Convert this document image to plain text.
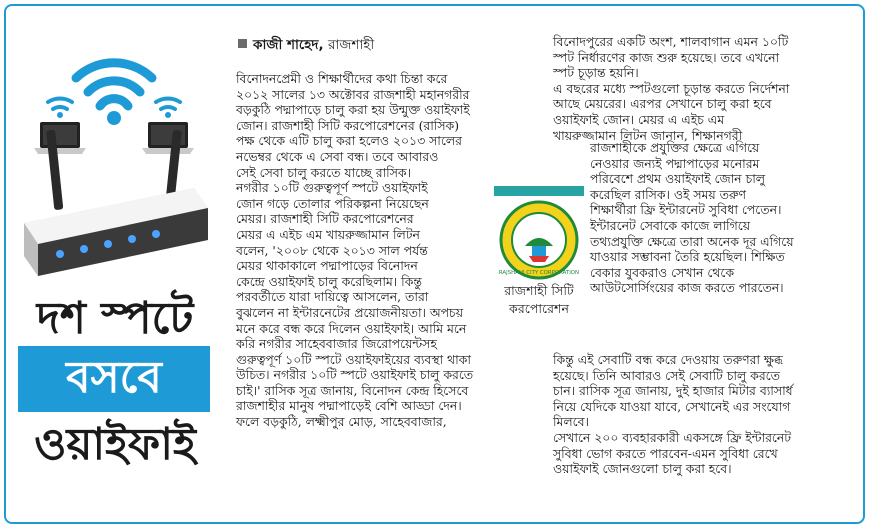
দশ স্পটে
বসবে
ওয়াইফাই
কাজী শাহেদ, রাজশাহী
বিনোদনপ্রেমী ও শিক্ষার্থীদের কথা চিন্তা করে
২০১২ সালের ১৩ অক্টোবর রাজশাহী মহানগরীর
বড়কুঠি পদ্মাপাড়ে চালু করা হয় উন্মুক্ত ওয়াইফাই
জোন। রাজশাহী সিটি করপোরেশনের (রাসিক)
পক্ষ থেকে এটি চালু করা হলেও ২০১৩ সালের
নভেম্বর থেকে এ সেবা বন্ধ। তবে আবারও
সেই সেবা চালু করতে যাচ্ছে রাসিক।
নগরীর ১০টি গুরুত্বপূর্ণ স্পটে ওয়াইফাই
জোন গড়ে তোলার পরিকল্পনা নিয়েছেন
মেয়র। রাজশাহী সিটি করপোরেশনের
মেয়র এ এইচ এম খায়রুজ্জামান লিটন
বলেন, '২০০৮ থেকে ২০১৩ সাল পর্যন্ত
মেয়র থাকাকালে পদ্মাপাড়ের বিনোদন
কেন্দ্রে ওয়াইফাই চালু করেছিলাম। কিন্তু
পরবর্তীতে যারা দায়িত্বে আসলেন, তারা
বুঝলেন না ইন্টারনেটের প্রয়োজনীয়তা। অপচয়
মনে করে বন্ধ করে দিলেন ওয়াইফাই। আমি মনে
করি নগরীর সাহেববাজার জিরোপয়েন্টসহ
গুরুত্বপূর্ণ ১০টি স্পটে ওয়াইফাইয়ের ব্যবস্থা থাকা
উচিত। নগরীর ১০টি স্পটে ওয়াইফাই চালু করতে
চাই।' রাসিক সূত্র জানায়, বিনোদন কেন্দ্র হিসেবে
রাজশাহীর মানুষ পদ্মাপাড়েই বেশি আড্ডা দেন।
ফলে বড়কুঠি, লক্ষ্মীপুর মোড়, সাহেববাজার,
বিনোদপুরের একটি অংশ, শালবাগান এমন ১০টি
স্পট নির্ধারণের কাজ শুরু হয়েছে। তবে এখনো
স্পট চূড়ান্ত হয়নি।
এ বছরের মধ্যে স্পটগুলো চূড়ান্ত করতে নির্দেশনা
আছে মেয়রের। এরপর সেখানে চালু করা হবে
ওয়াইফাই জোন। মেয়র এ এইচ এম
খায়রুজ্জামান লিটন জানান, শিক্ষানগরী
রাজশাহীকে প্রযুক্তির ক্ষেত্রে এগিয়ে
নেওয়ার জন্যই পদ্মাপাড়ের মনোরম
পরিবেশে প্রথম ওয়াইফাই জোন চালু
করেছিল রাসিক। ওই সময় তরুণ
শিক্ষার্থীরা ফ্রি ইন্টারনেট সুবিধা পেতেন।
ইন্টারনেট সেবাকে কাজে লাগিয়ে
তথ্যপ্রযুক্তি ক্ষেত্রে তারা অনেক দূর এগিয়ে
যাওয়ার সম্ভাবনা তৈরি হয়েছিল। শিক্ষিত
বেকার যুবকরাও সেখান থেকে
আউটসোর্সিংয়ের কাজ করতে পারতেন।
কিন্তু এই সেবাটি বন্ধ করে দেওয়ায় তরুণরা ক্ষুব্ধ
হয়েছে। তিনি আবারও সেই সেবাটি চালু করতে
চান। রাসিক সূত্র জানায়, দুই হাজার মিটার ব্যাসার্ধ
নিয়ে যেদিকে যাওয়া যাবে, সেখানেই এর সংযোগ
মিলবে।
সেখানে ২০০ ব্যবহারকারী একসঙ্গে ফ্রি ইন্টারনেট
সুবিধা ভোগ করতে পারবেন-এমন সুবিধা রেখে
ওয়াইফাই জোনগুলো চালু করা হবে।
RAJSHAHI CITY CORPORATION
রাজশাহী সিটি
করপোরেশন
